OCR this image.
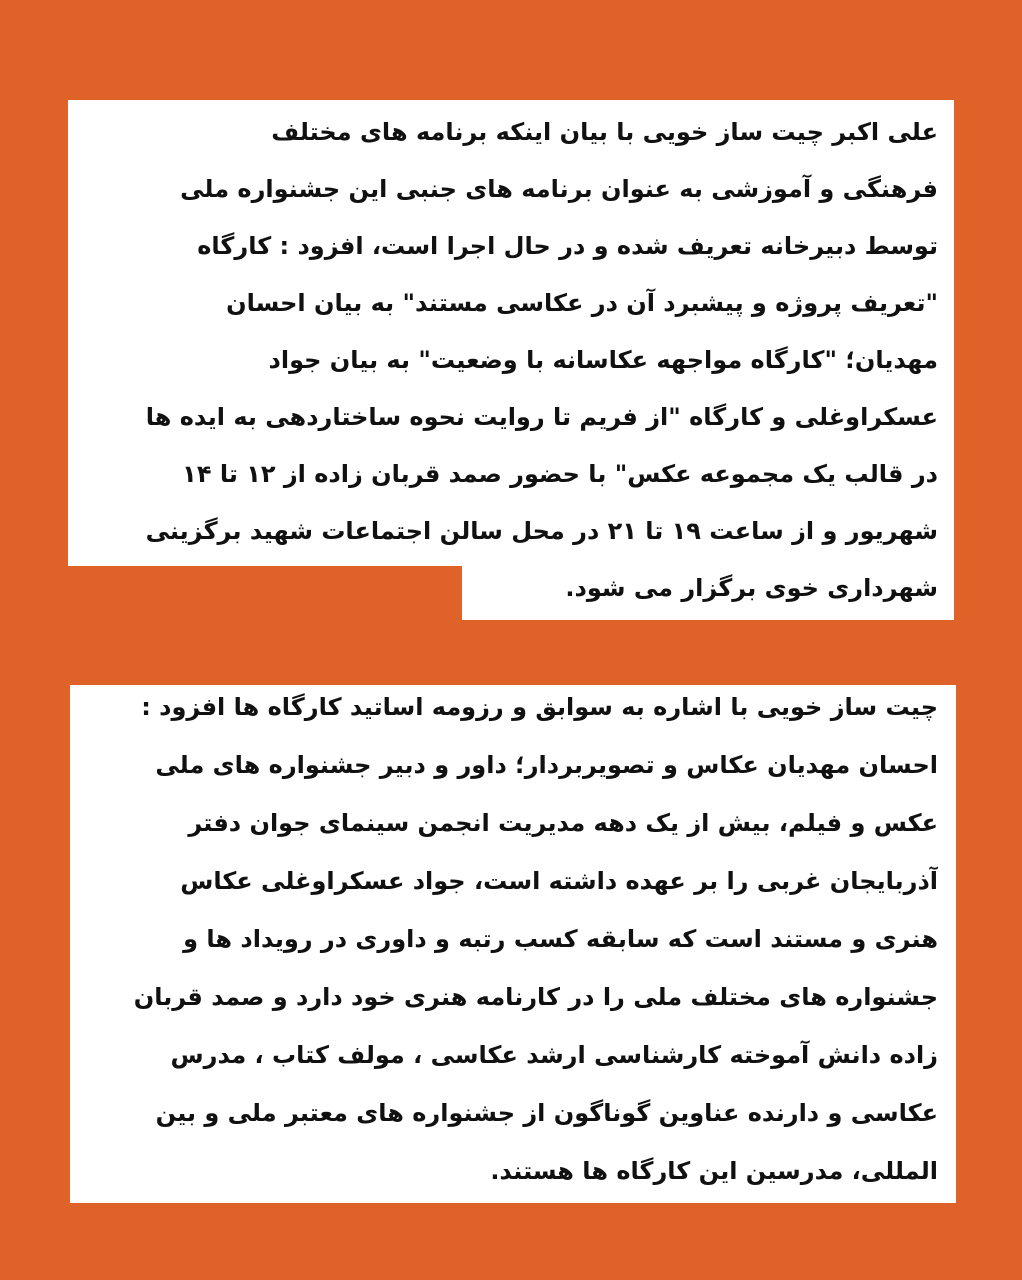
علی اکبر چیت ساز خویی با بیان اینکه برنامه های مختلف
فرهنگی و آموزشی به عنوان برنامه های جنبی این جشنواره ملی
توسط دبیرخانه تعریف شده و در حال اجرا است، افزود : کارگاه
"تعریف پروژه و پیشبرد آن در عکاسی مستند" به بیان احسان
مهدیان؛ "کارگاه مواجهه عکاسانه با وضعیت" به بیان جواد
عسکراوغلی و کارگاه "از فریم تا روایت نحوه ساختاردهی به ایده ها
در قالب یک مجموعه عکس" با حضور صمد قربان زاده از ۱۲ تا ۱۴
شهریور و از ساعت ۱۹ تا ۲۱ در محل سالن اجتماعات شهید برگزینی
شهرداری خوی برگزار می شود.
چیت ساز خویی با اشاره به سوابق و رزومه اساتید کارگاه ها افزود :
احسان مهدیان عکاس و تصویربردار؛ داور و دبیر جشنواره های ملی
عکس و فیلم، بیش از یک دهه مدیریت انجمن سینمای جوان دفتر
آذربایجان غربی را بر عهده داشته است، جواد عسکراوغلی عکاس
هنری و مستند است که سابقه کسب رتبه و داوری در رویداد ها و
جشنواره های مختلف ملی را در کارنامه هنری خود دارد و صمد قربان
زاده دانش آموخته کارشناسی ارشد عکاسی ، مولف کتاب ، مدرس
عکاسی و دارنده عناوین گوناگون از جشنواره های معتبر ملی و بین
المللی، مدرسین این کارگاه ها هستند.
